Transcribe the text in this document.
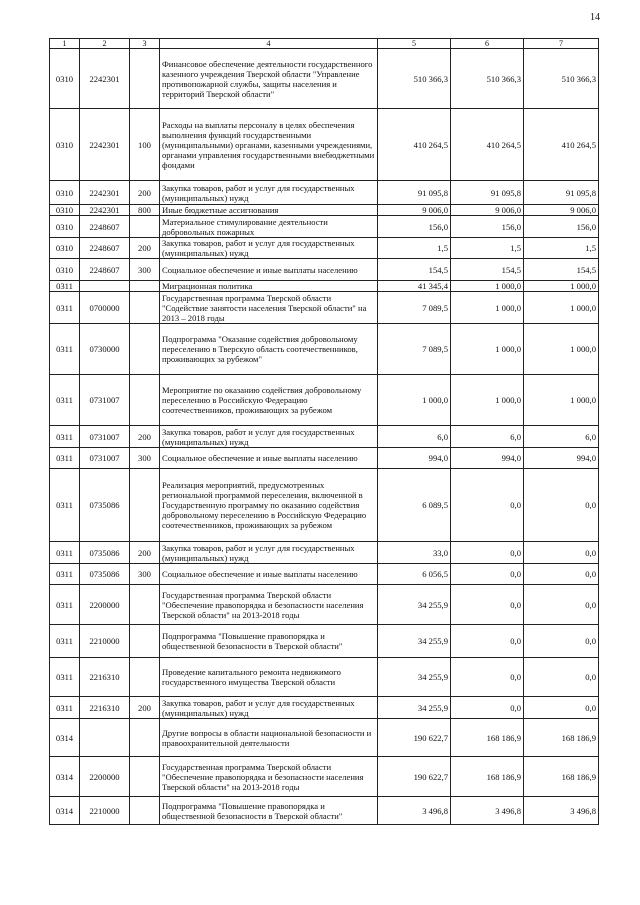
14
1	2	3	4	5	6	7
0310	2242301		Финансовое обеспечение деятельности государственного казенного учреждения Тверской области "Управление противопожарной службы, защиты населения и территорий Тверской области"	510 366,3	510 366,3	510 366,3
0310	2242301	100	Расходы на выплаты персоналу в целях обеспечения выполнения функций государственными (муниципальными) органами, казенными учреждениями, органами управления государственными внебюджетными фондами	410 264,5	410 264,5	410 264,5
0310	2242301	200	Закупка товаров, работ и услуг для государственных (муниципальных) нужд	91 095,8	91 095,8	91 095,8
0310	2242301	800	Иные бюджетные ассигнования	9 006,0	9 006,0	9 006,0
0310	2248607		Материальное стимулирование деятельности добровольных пожарных	156,0	156,0	156,0
0310	2248607	200	Закупка товаров, работ и услуг для государственных (муниципальных) нужд	1,5	1,5	1,5
0310	2248607	300	Социальное обеспечение и иные выплаты населению	154,5	154,5	154,5
0311			Миграционная политика	41 345,4	1 000,0	1 000,0
0311	0700000		Государственная программа Тверской области "Содействие занятости населения Тверской области" на 2013 – 2018 годы	7 089,5	1 000,0	1 000,0
0311	0730000		Подпрограмма "Оказание содействия добровольному переселению в Тверскую область соотечественников, проживающих за рубежом"	7 089,5	1 000,0	1 000,0
0311	0731007		Мероприятие по оказанию содействия добровольному переселению в Российскую Федерацию соотечественников, проживающих за рубежом	1 000,0	1 000,0	1 000,0
0311	0731007	200	Закупка товаров, работ и услуг для государственных (муниципальных) нужд	6,0	6,0	6,0
0311	0731007	300	Социальное обеспечение и иные выплаты населению	994,0	994,0	994,0
0311	0735086		Реализация мероприятий, предусмотренных региональной программой переселения, включенной в Государственную программу по оказанию содействия добровольному переселению в Российскую Федерацию соотечественников, проживающих за рубежом	6 089,5	0,0	0,0
0311	0735086	200	Закупка товаров, работ и услуг для государственных (муниципальных) нужд	33,0	0,0	0,0
0311	0735086	300	Социальное обеспечение и иные выплаты населению	6 056,5	0,0	0,0
0311	2200000		Государственная программа Тверской области "Обеспечение правопорядка и безопасности населения Тверской области" на 2013-2018 годы	34 255,9	0,0	0,0
0311	2210000		Подпрограмма "Повышение правопорядка и общественной безопасности в Тверской области"	34 255,9	0,0	0,0
0311	2216310		Проведение капитального ремонта недвижимого государственного имущества Тверской области	34 255,9	0,0	0,0
0311	2216310	200	Закупка товаров, работ и услуг для государственных (муниципальных) нужд	34 255,9	0,0	0,0
0314			Другие вопросы в области национальной безопасности и правоохранительной деятельности	190 622,7	168 186,9	168 186,9
0314	2200000		Государственная программа Тверской области "Обеспечение правопорядка и безопасности населения Тверской области" на 2013-2018 годы	190 622,7	168 186,9	168 186,9
0314	2210000		Подпрограмма "Повышение правопорядка и общественной безопасности в Тверской области"	3 496,8	3 496,8	3 496,8
